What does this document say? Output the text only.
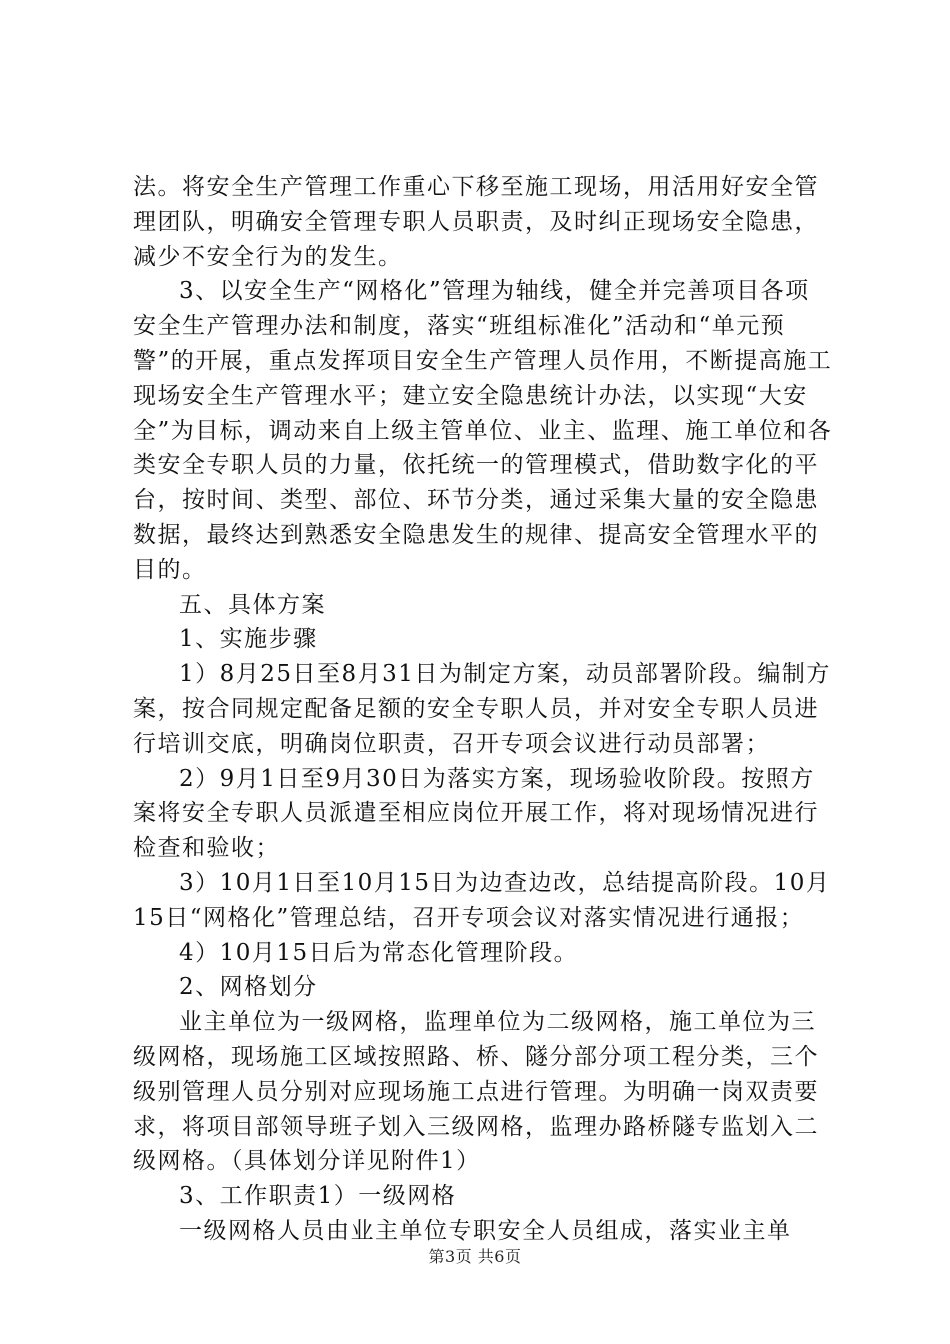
法。将安全生产管理工作重心下移至施工现场，用活用好安全管理团队，明确安全管理专职人员职责，及时纠正现场安全隐患，减少不安全行为的发生。

3、以安全生产“网格化”管理为轴线，健全并完善项目各项安全生产管理办法和制度，落实“班组标准化”活动和“单元预警”的开展，重点发挥项目安全生产管理人员作用，不断提高施工现场安全生产管理水平；建立安全隐患统计办法，以实现“大安全”为目标，调动来自上级主管单位、业主、监理、施工单位和各类安全专职人员的力量，依托统一的管理模式，借助数字化的平台，按时间、类型、部位、环节分类，通过采集大量的安全隐患数据，最终达到熟悉安全隐患发生的规律、提高安全管理水平的目的。

五、具体方案

1、实施步骤

1）8月25日至8月31日为制定方案，动员部署阶段。编制方案，按合同规定配备足额的安全专职人员，并对安全专职人员进行培训交底，明确岗位职责，召开专项会议进行动员部署；

2）9月1日至9月30日为落实方案，现场验收阶段。按照方案将安全专职人员派遣至相应岗位开展工作，将对现场情况进行检查和验收；

3）10月1日至10月15日为边查边改，总结提高阶段。10月15日“网格化”管理总结，召开专项会议对落实情况进行通报；

4）10月15日后为常态化管理阶段。

2、网格划分

业主单位为一级网格，监理单位为二级网格，施工单位为三级网格，现场施工区域按照路、桥、隧分部分项工程分类，三个级别管理人员分别对应现场施工点进行管理。为明确一岗双责要求，将项目部领导班子划入三级网格，监理办路桥隧专监划入二级网格。（具体划分详见附件1）

3、工作职责1）一级网格

一级网格人员由业主单位专职安全人员组成，落实业主单

第3页 共6页
